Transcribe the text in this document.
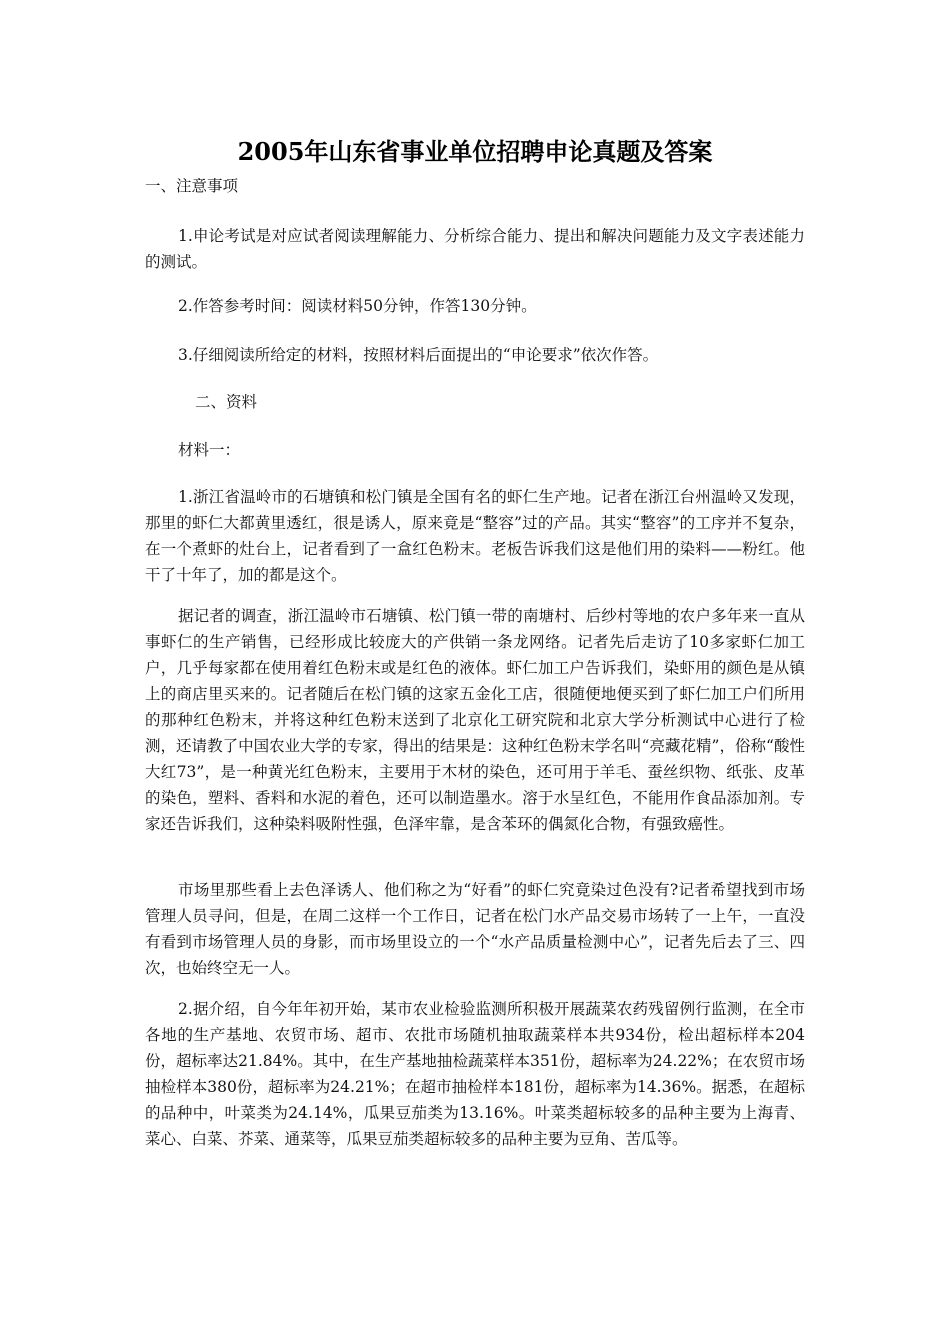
2005年山东省事业单位招聘申论真题及答案

一、注意事项

1.申论考试是对应试者阅读理解能力、分析综合能力、提出和解决问题能力及文字表述能力的测试。

2.作答参考时间：阅读材料50分钟，作答130分钟。

3.仔细阅读所给定的材料，按照材料后面提出的“申论要求”依次作答。

二、资料

材料一：

1.浙江省温岭市的石塘镇和松门镇是全国有名的虾仁生产地。记者在浙江台州温岭又发现，那里的虾仁大都黄里透红，很是诱人，原来竟是“整容”过的产品。其实“整容”的工序并不复杂，在一个煮虾的灶台上，记者看到了一盒红色粉末。老板告诉我们这是他们用的染料——粉红。他干了十年了，加的都是这个。

据记者的调查，浙江温岭市石塘镇、松门镇一带的南塘村、后纱村等地的农户多年来一直从事虾仁的生产销售，已经形成比较庞大的产供销一条龙网络。记者先后走访了10多家虾仁加工户，几乎每家都在使用着红色粉末或是红色的液体。虾仁加工户告诉我们，染虾用的颜色是从镇上的商店里买来的。记者随后在松门镇的这家五金化工店，很随便地便买到了虾仁加工户们所用的那种红色粉末，并将这种红色粉末送到了北京化工研究院和北京大学分析测试中心进行了检测，还请教了中国农业大学的专家，得出的结果是：这种红色粉末学名叫“亮藏花精”，俗称“酸性大红73”，是一种黄光红色粉末，主要用于木材的染色，还可用于羊毛、蚕丝织物、纸张、皮革的染色，塑料、香料和水泥的着色，还可以制造墨水。溶于水呈红色，不能用作食品添加剂。专家还告诉我们，这种染料吸附性强，色泽牢靠，是含苯环的偶氮化合物，有强致癌性。

市场里那些看上去色泽诱人、他们称之为“好看”的虾仁究竟染过色没有?记者希望找到市场管理人员寻问，但是，在周二这样一个工作日，记者在松门水产品交易市场转了一上午，一直没有看到市场管理人员的身影，而市场里设立的一个“水产品质量检测中心”，记者先后去了三、四次，也始终空无一人。

2.据介绍，自今年年初开始，某市农业检验监测所积极开展蔬菜农药残留例行监测，在全市各地的生产基地、农贸市场、超市、农批市场随机抽取蔬菜样本共934份，检出超标样本204份，超标率达21.84%。其中，在生产基地抽检蔬菜样本351份，超标率为24.22%；在农贸市场抽检样本380份，超标率为24.21%；在超市抽检样本181份，超标率为14.36%。据悉，在超标的品种中，叶菜类为24.14%，瓜果豆茄类为13.16%。叶菜类超标较多的品种主要为上海青、菜心、白菜、芥菜、通菜等，瓜果豆茄类超标较多的品种主要为豆角、苦瓜等。
